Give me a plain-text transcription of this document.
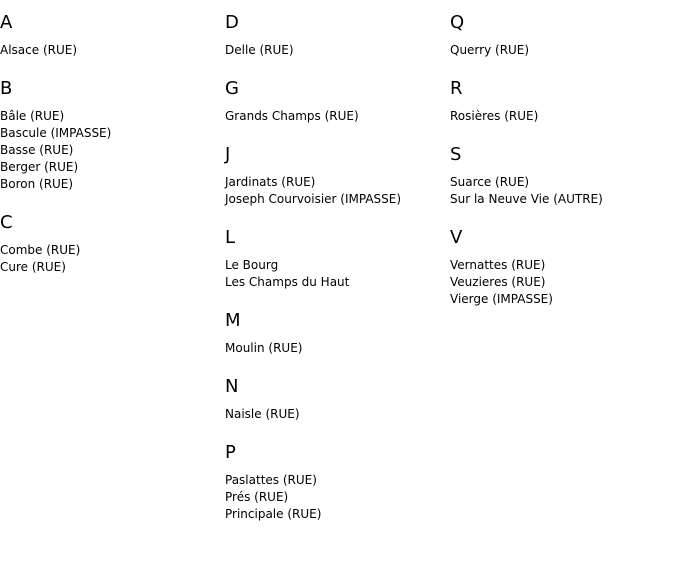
A
Alsace (RUE)
B
Bâle (RUE)
Bascule (IMPASSE)
Basse (RUE)
Berger (RUE)
Boron (RUE)
C
Combe (RUE)
Cure (RUE)
D
Delle (RUE)
G
Grands Champs (RUE)
J
Jardinats (RUE)
Joseph Courvoisier (IMPASSE)
L
Le Bourg
Les Champs du Haut
M
Moulin (RUE)
N
Naisle (RUE)
P
Paslattes (RUE)
Prés (RUE)
Principale (RUE)
Q
Querry (RUE)
R
Rosières (RUE)
S
Suarce (RUE)
Sur la Neuve Vie (AUTRE)
V
Vernattes (RUE)
Veuzieres (RUE)
Vierge (IMPASSE)
